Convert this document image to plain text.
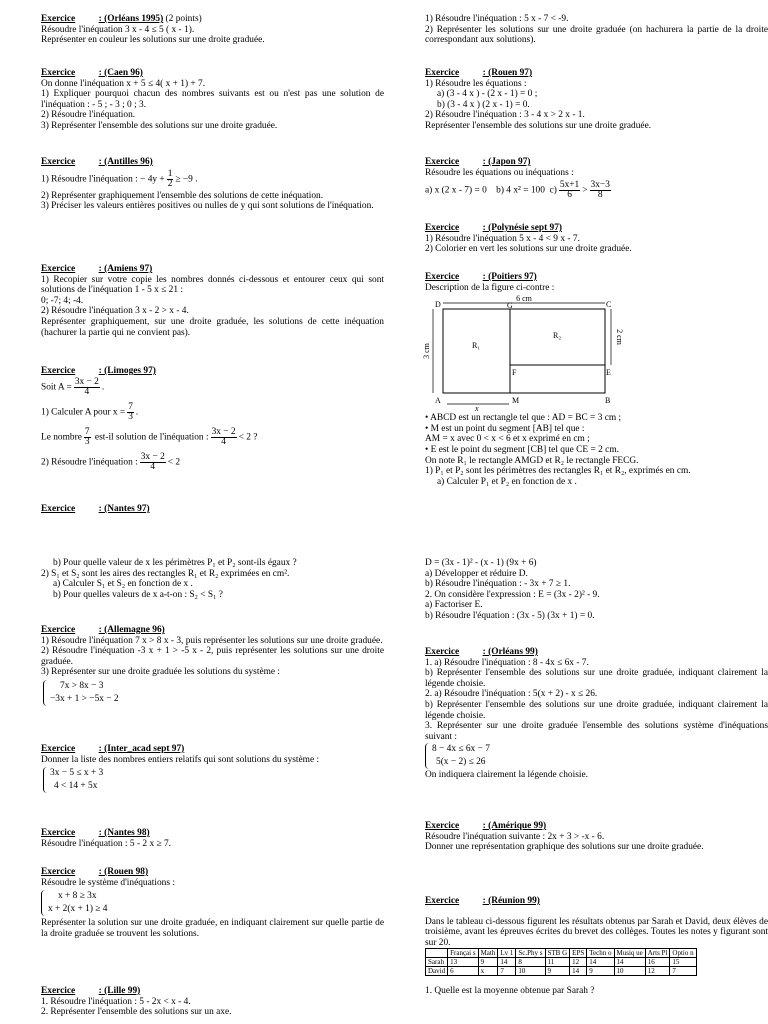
Exercice : (Orléans 1995) (2 points)

Résoudre l'inéquation 3 x - 4 ≤ 5 ( x - 1).

Représenter en couleur les solutions sur une droite graduée.

Exercice : (Caen 96)

On donne l'inéquation x + 5 ≤ 4( x + 1) + 7.

1) Expliquer pourquoi chacun des nombres suivants est ou n'est pas une solution de l'inéquation : - 5 ; - 3 ; 0 ; 3.

2) Résoudre l'inéquation.

3) Représenter l'ensemble des solutions sur une droite graduée.

Exercice : (Antilles 96)

1) Résoudre l'inéquation : − $4y + \frac{1}{2} \ge -9$ .

2) Représenter graphiquement l'ensemble des solutions de cette inéquation.

3) Préciser les valeurs entières positives ou nulles de y qui sont solutions de l'inéquation.

Exercice : (Amiens 97)

1) Recopier sur votre copie les nombres donnés ci-dessous et entourer ceux qui sont solutions de l'inéquation 1 - 5 x ≤ 21 :

0; -7; 4; -4.

2) Résoudre l'inéquation 3 x - 2 > x - 4.

Représenter graphiquement, sur une droite graduée, les solutions de cette inéquation (hachurer la partie qui ne convient pas).

Exercice : (Limoges 97)

Soit $A = \frac{3x - 2}{4}$ .

1) Calculer A pour $x = \frac{7}{3}$ .

Le nombre $\frac{7}{3} est-il$ solution de l'inéquation : $\frac{3x - 2}{4} < 2$ ?

2) Résoudre l'inéquation : $\frac{3x - 2}{4} < 2$

Exercice : (Nantes 97)

1) Résoudre l'inéquation : 5 x - 7 < -9.

2) Représenter les solutions sur une droite graduée (on hachurera la partie de la droite correspondant aux solutions).

Exercice : (Rouen 97)

1) Résoudre les équations :

a) (3 - 4 x ) - (2 x - 1) = 0 ;

b) (3 - 4 x ) (2 x - 1) = 0.

2) Résoudre l'inéquation : 3 - 4 x > 2 x - 1.

Représenter l'ensemble des solutions sur une droite graduée.

Exercice : (Japon 97)

Résoudre les équations ou inéquations :

a) x (2 x - 7) = 0 b) 4 x² = 100 $c) \frac{5x+1}{6} > \frac{3x-3}{8}$

Exercice : (Polynésie sept 97)

1) Résoudre l'inéquation 5 x - 4 < 9 x - 7.

2) Colorier en vert les solutions sur une droite graduée.

Exercice : (Poitiers 97)

Description de la figure ci-contre :

6 cm
3 cm
2 cm
D	G	C
R₁
R₂
F	E
A	M	B
x

• ABCD est un rectangle tel que : AD = BC = 3 cm ;

• M est un point du segment [AB] tel que :

AM = x avec 0 < x < 6 et x exprimé en cm ;

• E est le point du segment [CB] tel que CE = 2 cm.

On note R₁ le rectangle AMGD et R₂ le rectangle FECG.

1) P₁ et P₂ sont les périmètres des rectangles R₁ et R₂, exprimés en cm.

a) Calculer P₁ et P₂ en fonction de x .

b) Pour quelle valeur de x les périmètres P₁ et P₂ sont-ils égaux ?

2) S₁ et S₂ sont les aires des rectangles R₁ et R₂ exprimées en cm².

a) Calculer S₁ et S₂ en fonction de x .

b) Pour quelles valeurs de x a-t-on : S₂ < S₁ ?

Exercice : (Allemagne 96)

1) Résoudre l'inéquation 7 x > 8 x - 3, puis représenter les solutions sur une droite graduée.

2) Résoudre l'inéquation -3 x + 1 > -5 x - 2, puis représenter les solutions sur une droite graduée.

3) Représenter sur une droite graduée les solutions du système :

7x > 8x − 3
−3x + 1 > −5x − 2

Exercice : (Inter_acad sept 97)

Donner la liste des nombres entiers relatifs qui sont solutions du système :

3x − 5 ≤ x + 3
4 < 14 + 5x

Exercice : (Nantes 98)

Résoudre l'inéquation : 5 - 2 x ≥ 7.

Exercice : (Rouen 98)

Résoudre le système d'inéquations :

x + 8 ≥ 3x
x + 2(x + 1) ≥ 4

Représenter la solution sur une droite graduée, en indiquant clairement sur quelle partie de la droite graduée se trouvent les solutions.

Exercice : (Lille 99)

1. Résoudre l'inéquation : 5 - 2x < x - 4.

2. Représenter l'ensemble des solutions sur un axe.

D = (3x - 1)² - (x - 1) (9x + 6)

a) Développer et réduire D.

b) Résoudre l'inéquation : - 3x + 7 ≥ 1.

2. On considère l'expression : E = (3x - 2)² - 9.

a) Factoriser E.

b) Résoudre l'équation : (3x - 5) (3x + 1) = 0.

Exercice : (Orléans 99)

1. a) Résoudre l'inéquation : 8 - 4x ≤ 6x - 7.

b) Représenter l'ensemble des solutions sur une droite graduée, indiquant clairement la légende choisie.

2. a) Résoudre l'inéquation : 5(x + 2) - x ≤ 26.

b) Représenter l'ensemble des solutions sur une droite graduée, indiquant clairement la légende choisie.

3. Représenter sur une droite graduée l'ensemble des solutions système d'inéquations suivant :

8 − 4x ≤ 6x − 7
5(x − 2) ≤ 26

On indiquera clairement la légende choisie.

Exercice : (Amérique 99)

Résoudre l'inéquation suivante : 2x + 3 > -x - 6.

Donner une représentation graphique des solutions sur une droite graduée.

Exercice : (Réunion 99)

Dans le tableau ci-dessous figurent les résultats obtenus par Sarah et David, deux élèves de troisième, avant les épreuves écrites du brevet des collèges. Toutes les notes y figurant sont sur 20.

	Françai s	Math	Lv 1	Sc.Phy s	STB G	EPS	Techn o	Musiq ue	Arts Pl	Optio n
Sarah	13	9	14	8	11	12	14	14	16	15
David	6	x	7	10	9	14	9	10	12	7

1. Quelle est la moyenne obtenue par Sarah ?
